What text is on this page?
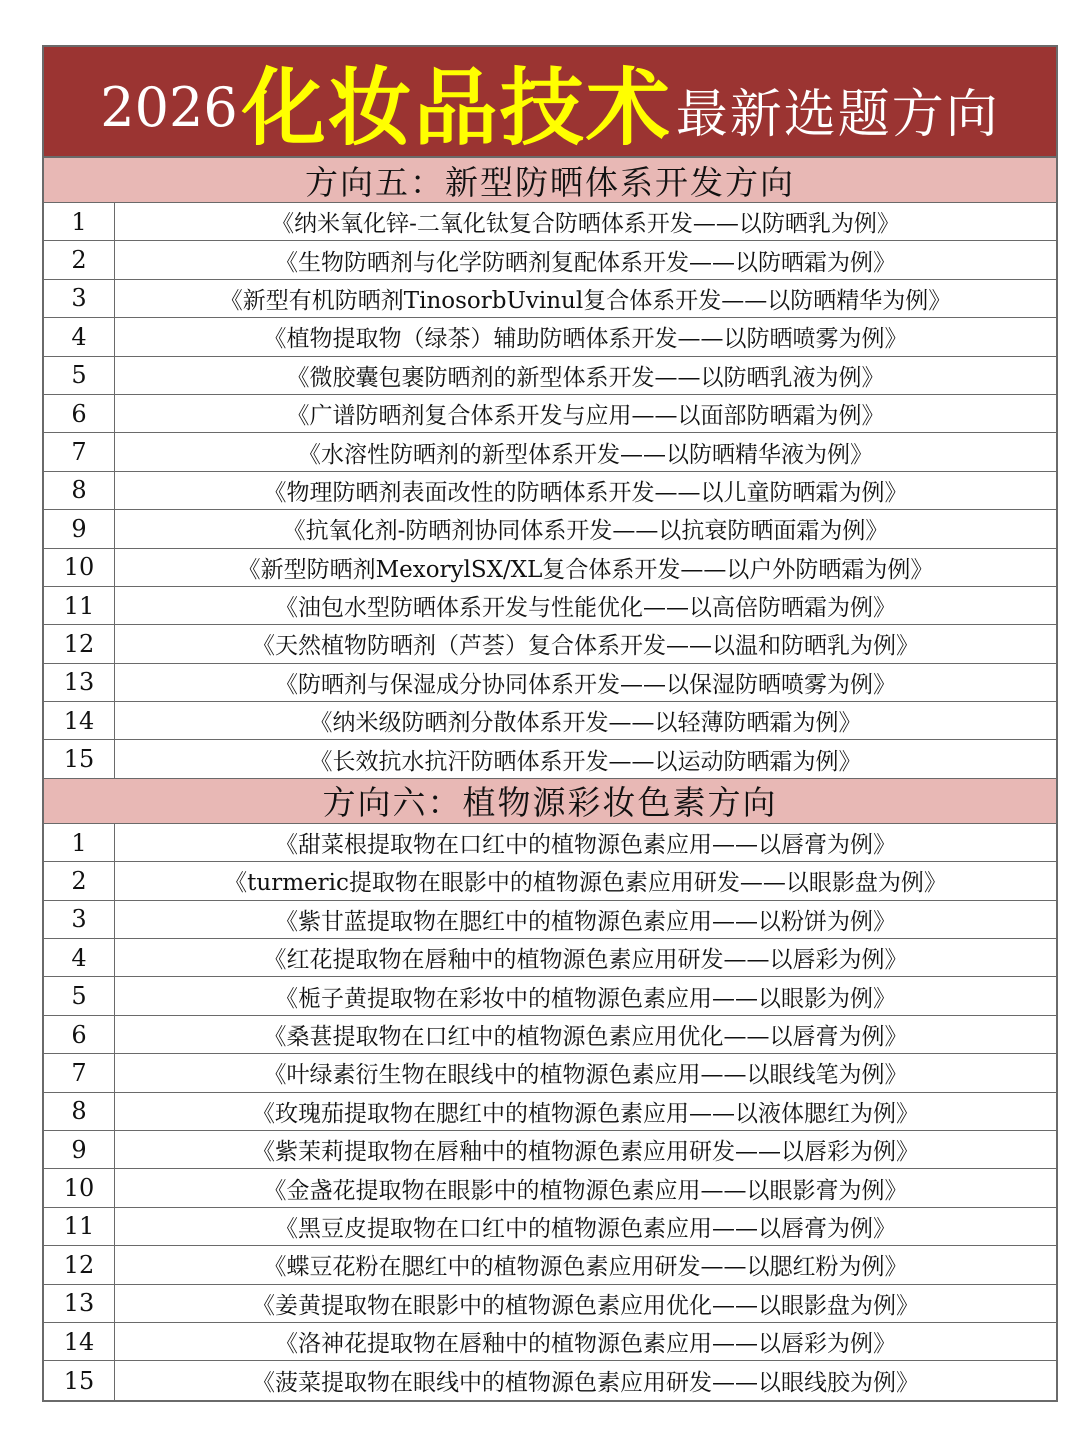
2026 化妆品技术 最新选题方向
方向五：新型防晒体系开发方向
1	《纳米氧化锌-二氧化钛复合防晒体系开发——以防晒乳为例》
2	《生物防晒剂与化学防晒剂复配体系开发——以防晒霜为例》
3	《新型有机防晒剂TinosorbUvinul复合体系开发——以防晒精华为例》
4	《植物提取物（绿茶）辅助防晒体系开发——以防晒喷雾为例》
5	《微胶囊包裹防晒剂的新型体系开发——以防晒乳液为例》
6	《广谱防晒剂复合体系开发与应用——以面部防晒霜为例》
7	《水溶性防晒剂的新型体系开发——以防晒精华液为例》
8	《物理防晒剂表面改性的防晒体系开发——以儿童防晒霜为例》
9	《抗氧化剂-防晒剂协同体系开发——以抗衰防晒面霜为例》
10	《新型防晒剂MexorylSX/XL复合体系开发——以户外防晒霜为例》
11	《油包水型防晒体系开发与性能优化——以高倍防晒霜为例》
12	《天然植物防晒剂（芦荟）复合体系开发——以温和防晒乳为例》
13	《防晒剂与保湿成分协同体系开发——以保湿防晒喷雾为例》
14	《纳米级防晒剂分散体系开发——以轻薄防晒霜为例》
15	《长效抗水抗汗防晒体系开发——以运动防晒霜为例》
方向六：植物源彩妆色素方向
1	《甜菜根提取物在口红中的植物源色素应用——以唇膏为例》
2	《turmeric提取物在眼影中的植物源色素应用研发——以眼影盘为例》
3	《紫甘蓝提取物在腮红中的植物源色素应用——以粉饼为例》
4	《红花提取物在唇釉中的植物源色素应用研发——以唇彩为例》
5	《栀子黄提取物在彩妆中的植物源色素应用——以眼影为例》
6	《桑葚提取物在口红中的植物源色素应用优化——以唇膏为例》
7	《叶绿素衍生物在眼线中的植物源色素应用——以眼线笔为例》
8	《玫瑰茄提取物在腮红中的植物源色素应用——以液体腮红为例》
9	《紫茉莉提取物在唇釉中的植物源色素应用研发——以唇彩为例》
10	《金盏花提取物在眼影中的植物源色素应用——以眼影膏为例》
11	《黑豆皮提取物在口红中的植物源色素应用——以唇膏为例》
12	《蝶豆花粉在腮红中的植物源色素应用研发——以腮红粉为例》
13	《姜黄提取物在眼影中的植物源色素应用优化——以眼影盘为例》
14	《洛神花提取物在唇釉中的植物源色素应用——以唇彩为例》
15	《菠菜提取物在眼线中的植物源色素应用研发——以眼线胶为例》
